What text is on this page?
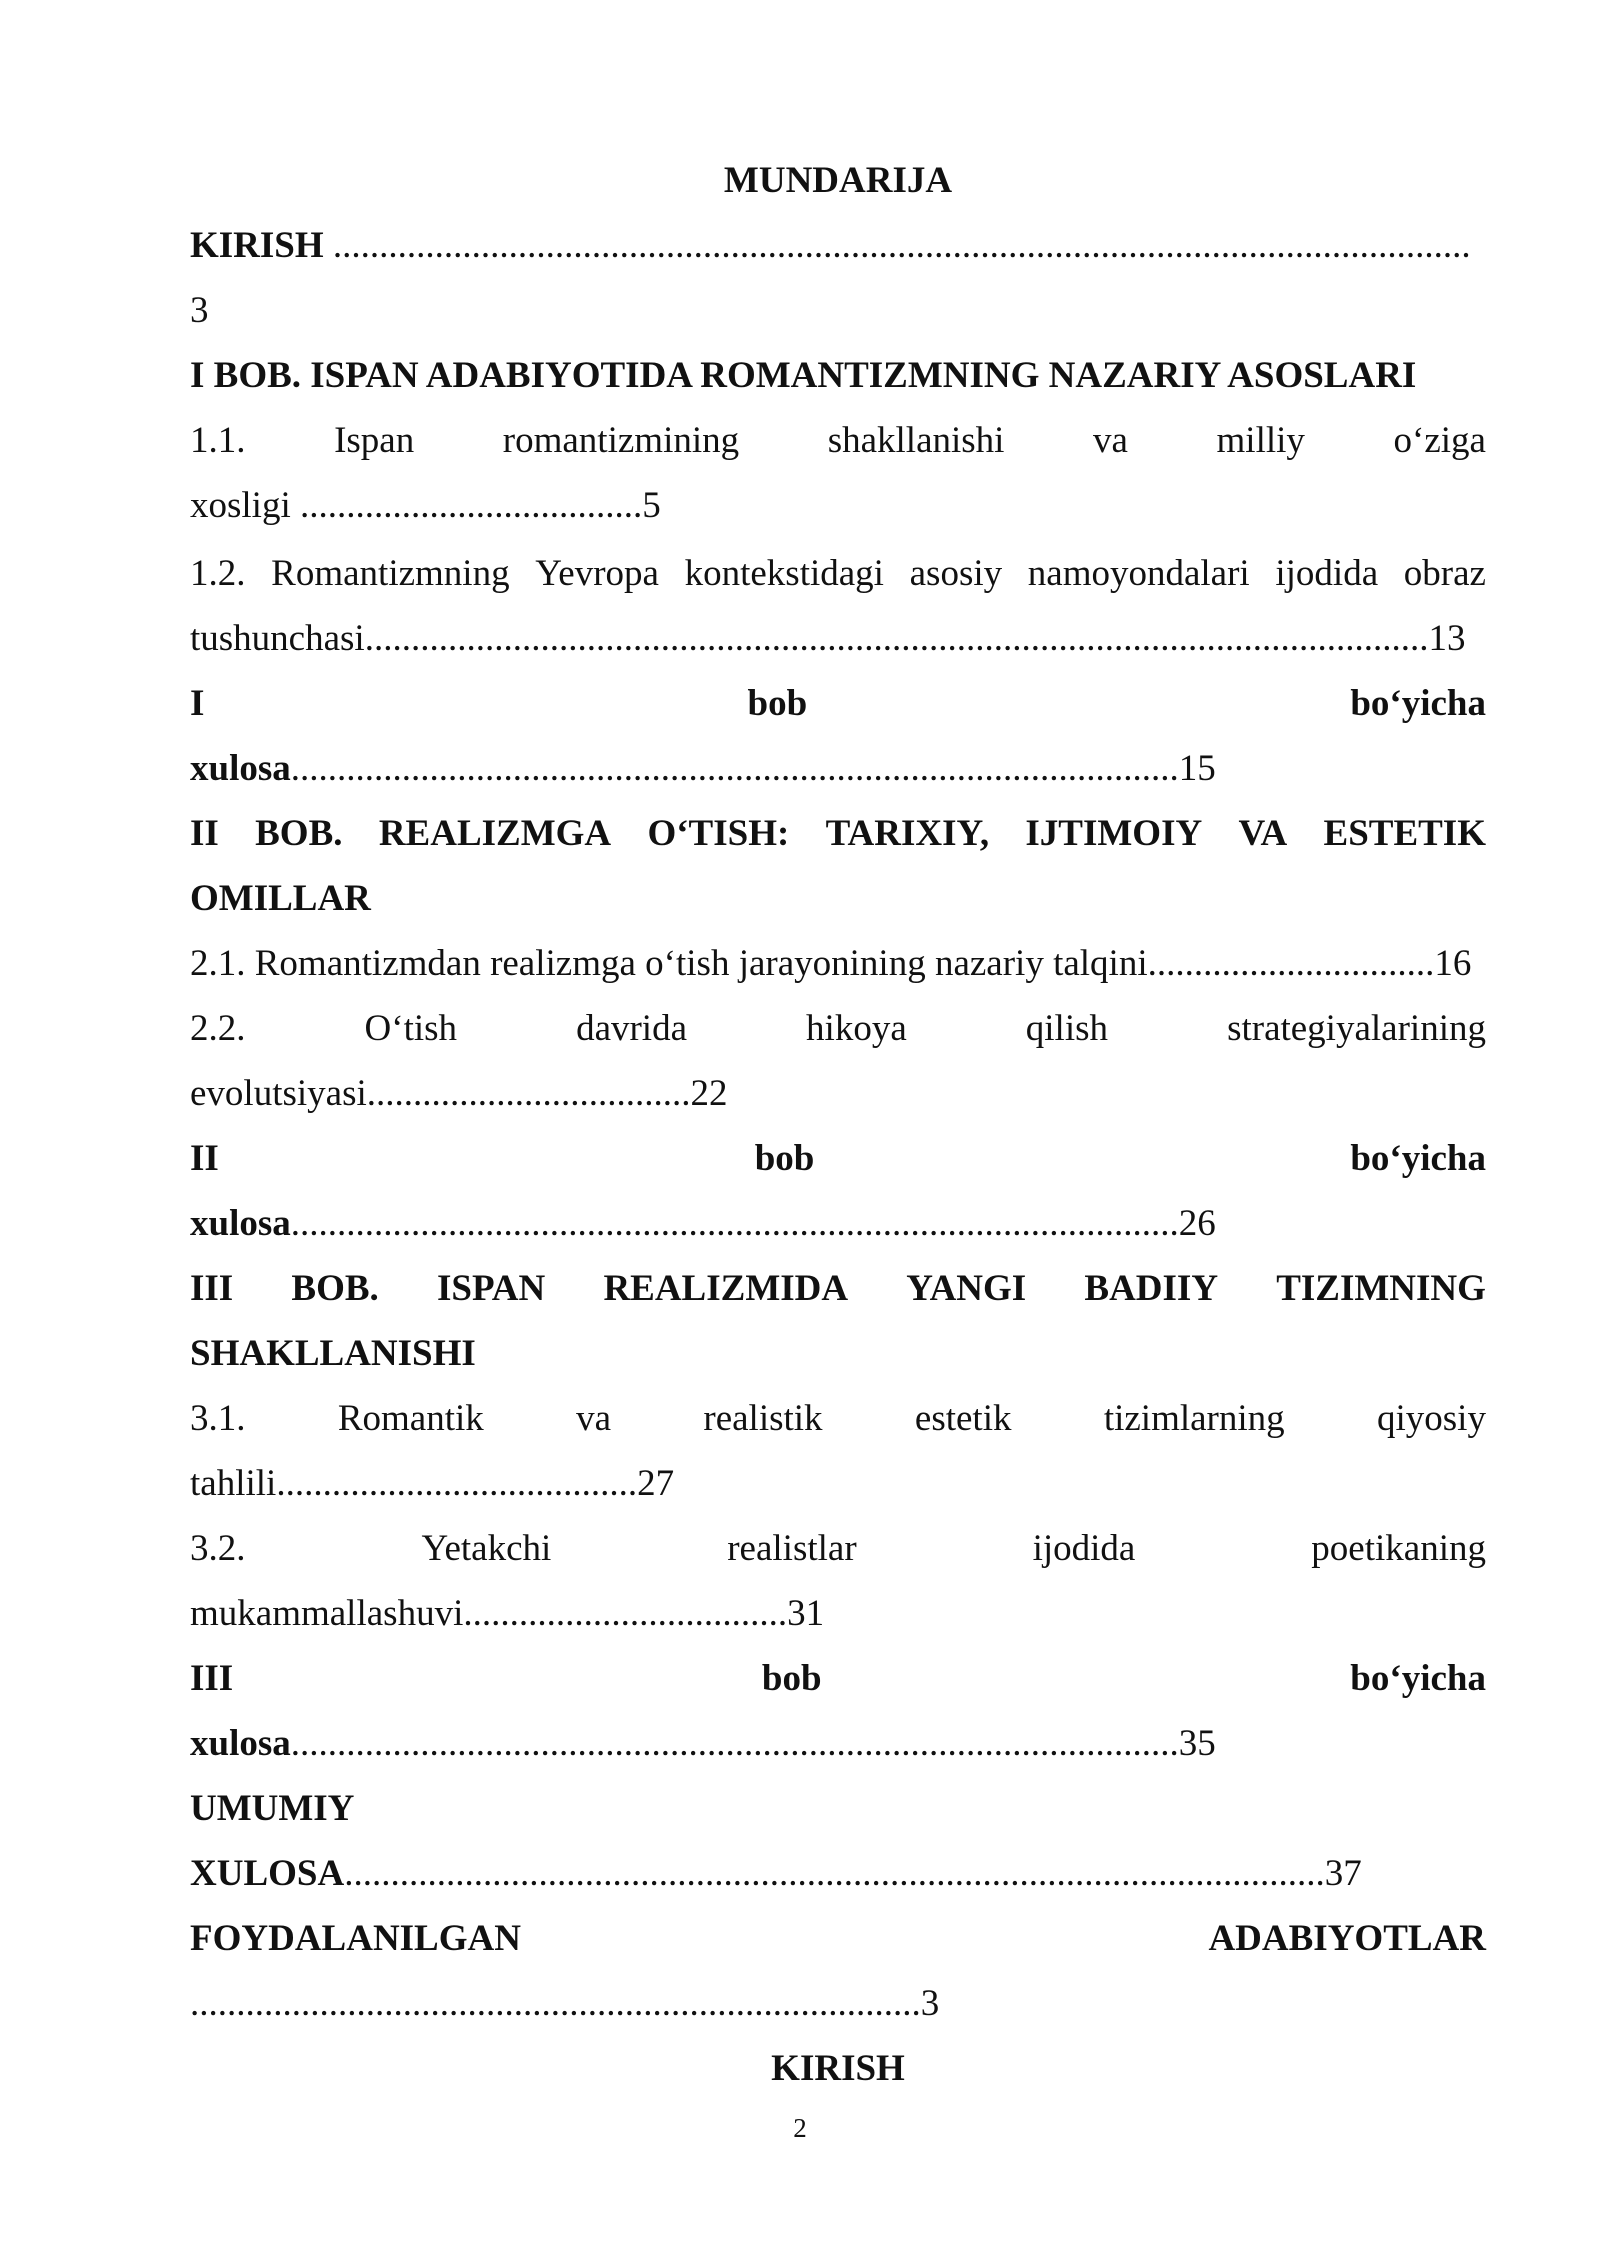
MUNDARIJA
KIRISH ...........................................................................................................................
3
I BOB. ISPAN ADABIYOTIDA ROMANTIZMNING NAZARIY ASOSLARI
1.1. Ispan romantizmining shakllanishi va milliy o‘ziga
xosligi .....................................5
1.2. Romantizmning Yevropa kontekstidagi asosiy namoyondalari ijodida obraz
tushunchasi...................................................................................................................13
I	bob	bo‘yicha
xulosa................................................................................................15
II BOB. REALIZMGA O‘TISH: TARIXIY, IJTIMOIY VA ESTETIK
OMILLAR
2.1. Romantizmdan realizmga o‘tish jarayonining nazariy talqini...............................16
2.2.	O‘tish	davrida	hikoya	qilish	strategiyalarining
evolutsiyasi...................................22
II	bob	bo‘yicha
xulosa................................................................................................26
III BOB. ISPAN REALIZMIDA YANGI BADIIY TIZIMNING
SHAKLLANISHI
3.1. Romantik va realistik estetik tizimlarning qiyosiy
tahlili.......................................27
3.2.	Yetakchi	realistlar	ijodida	poetikaning
mukammallashuvi...................................31
III	bob	bo‘yicha
xulosa................................................................................................35
UMUMIY
XULOSA..........................................................................................................37
FOYDALANILGAN	ADABIYOTLAR
...............................................................................3
KIRISH
2
